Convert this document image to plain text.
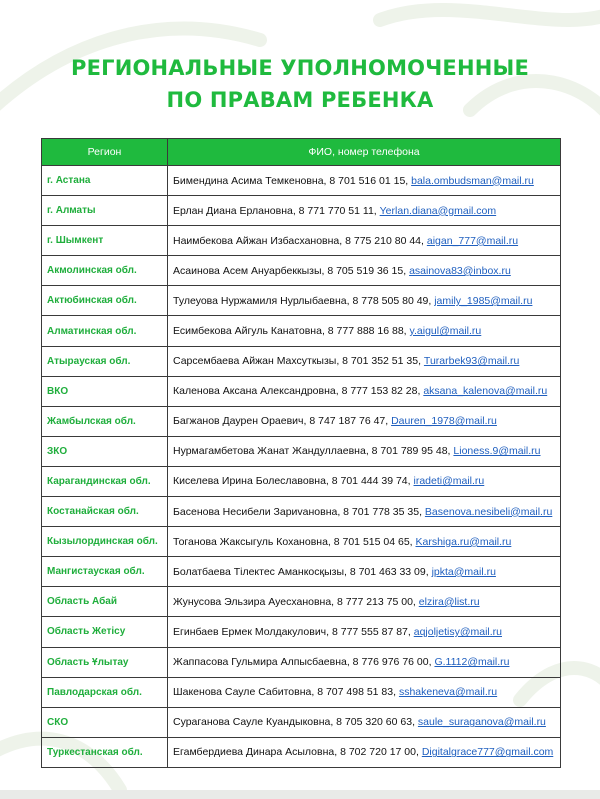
РЕГИОНАЛЬНЫЕ УПОЛНОМОЧЕННЫЕ
ПО ПРАВАМ РЕБЕНКА
Регион	ФИО, номер телефона
г. Астана	Бимендина Асима Темкеновна, 8 701 516 01 15, bala.ombudsman@mail.ru
г. Алматы	Ерлан Диана Ерлановна, 8 771 770 51 11, Yerlan.diana@gmail.com
г. Шымкент	Наимбекова Айжан Избасхановна, 8 775 210 80 44, aigan_777@mail.ru
Акмолинская обл.	Асаинова Асем Ануарбеккызы, 8 705 519 36 15, asainova83@inbox.ru
Актюбинская обл.	Тулеуова Нуржамиля Нурлыбаевна, 8 778 505 80 49, jamily_1985@mail.ru
Алматинская обл.	Есимбекова Айгуль Канатовна, 8 777 888 16 88, y.aigul@mail.ru
Атырауская обл.	Сарсембаева Айжан Махсуткызы, 8 701 352 51 35, Turarbek93@mail.ru
ВКО	Каленова Аксана Александровна, 8 777 153 82 28, aksana_kalenova@mail.ru
Жамбылская обл.	Багжанов Даурен Ораевич, 8 747 187 76 47, Dauren_1978@mail.ru
ЗКО	Нурмагамбетова Жанат Жандуллаевна, 8 701 789 95 48, Lioness.9@mail.ru
Карагандинская обл.	Киселева Ирина Болеславовна, 8 701 444 39 74, iradeti@mail.ru
Костанайская обл.	Басенова Несибели Зариvановна, 8 701 778 35 35, Basenova.nesibeli@mail.ru
Кызылординская обл.	Тоганова Жаксыгуль Кохановна, 8 701 515 04 65, Karshiga.ru@mail.ru
Мангистауская обл.	Болатбаева Тілектес Аманкосқызы, 8 701 463 33 09, jpkta@mail.ru
Область Абай	Жунусова Эльзира Ауесхановна, 8 777 213 75 00, elzira@list.ru
Область Жетісу	Егинбаев Ермек Молдакулович, 8 777 555 87 87, aqjoljetisy@mail.ru
Область Ұлытау	Жаппасова Гульмира Алпысбаевна, 8 776 976 76 00, G.1112@mail.ru
Павлодарская обл.	Шакенова Сауле Сабитовна, 8 707 498 51 83, sshakeneva@mail.ru
СКО	Сураганова Сауле Куандыковна, 8 705 320 60 63, saule_suraganova@mail.ru
Туркестанская обл.	Егамбердиева Динара Асыловна, 8 702 720 17 00, Digitalgrace777@gmail.com
